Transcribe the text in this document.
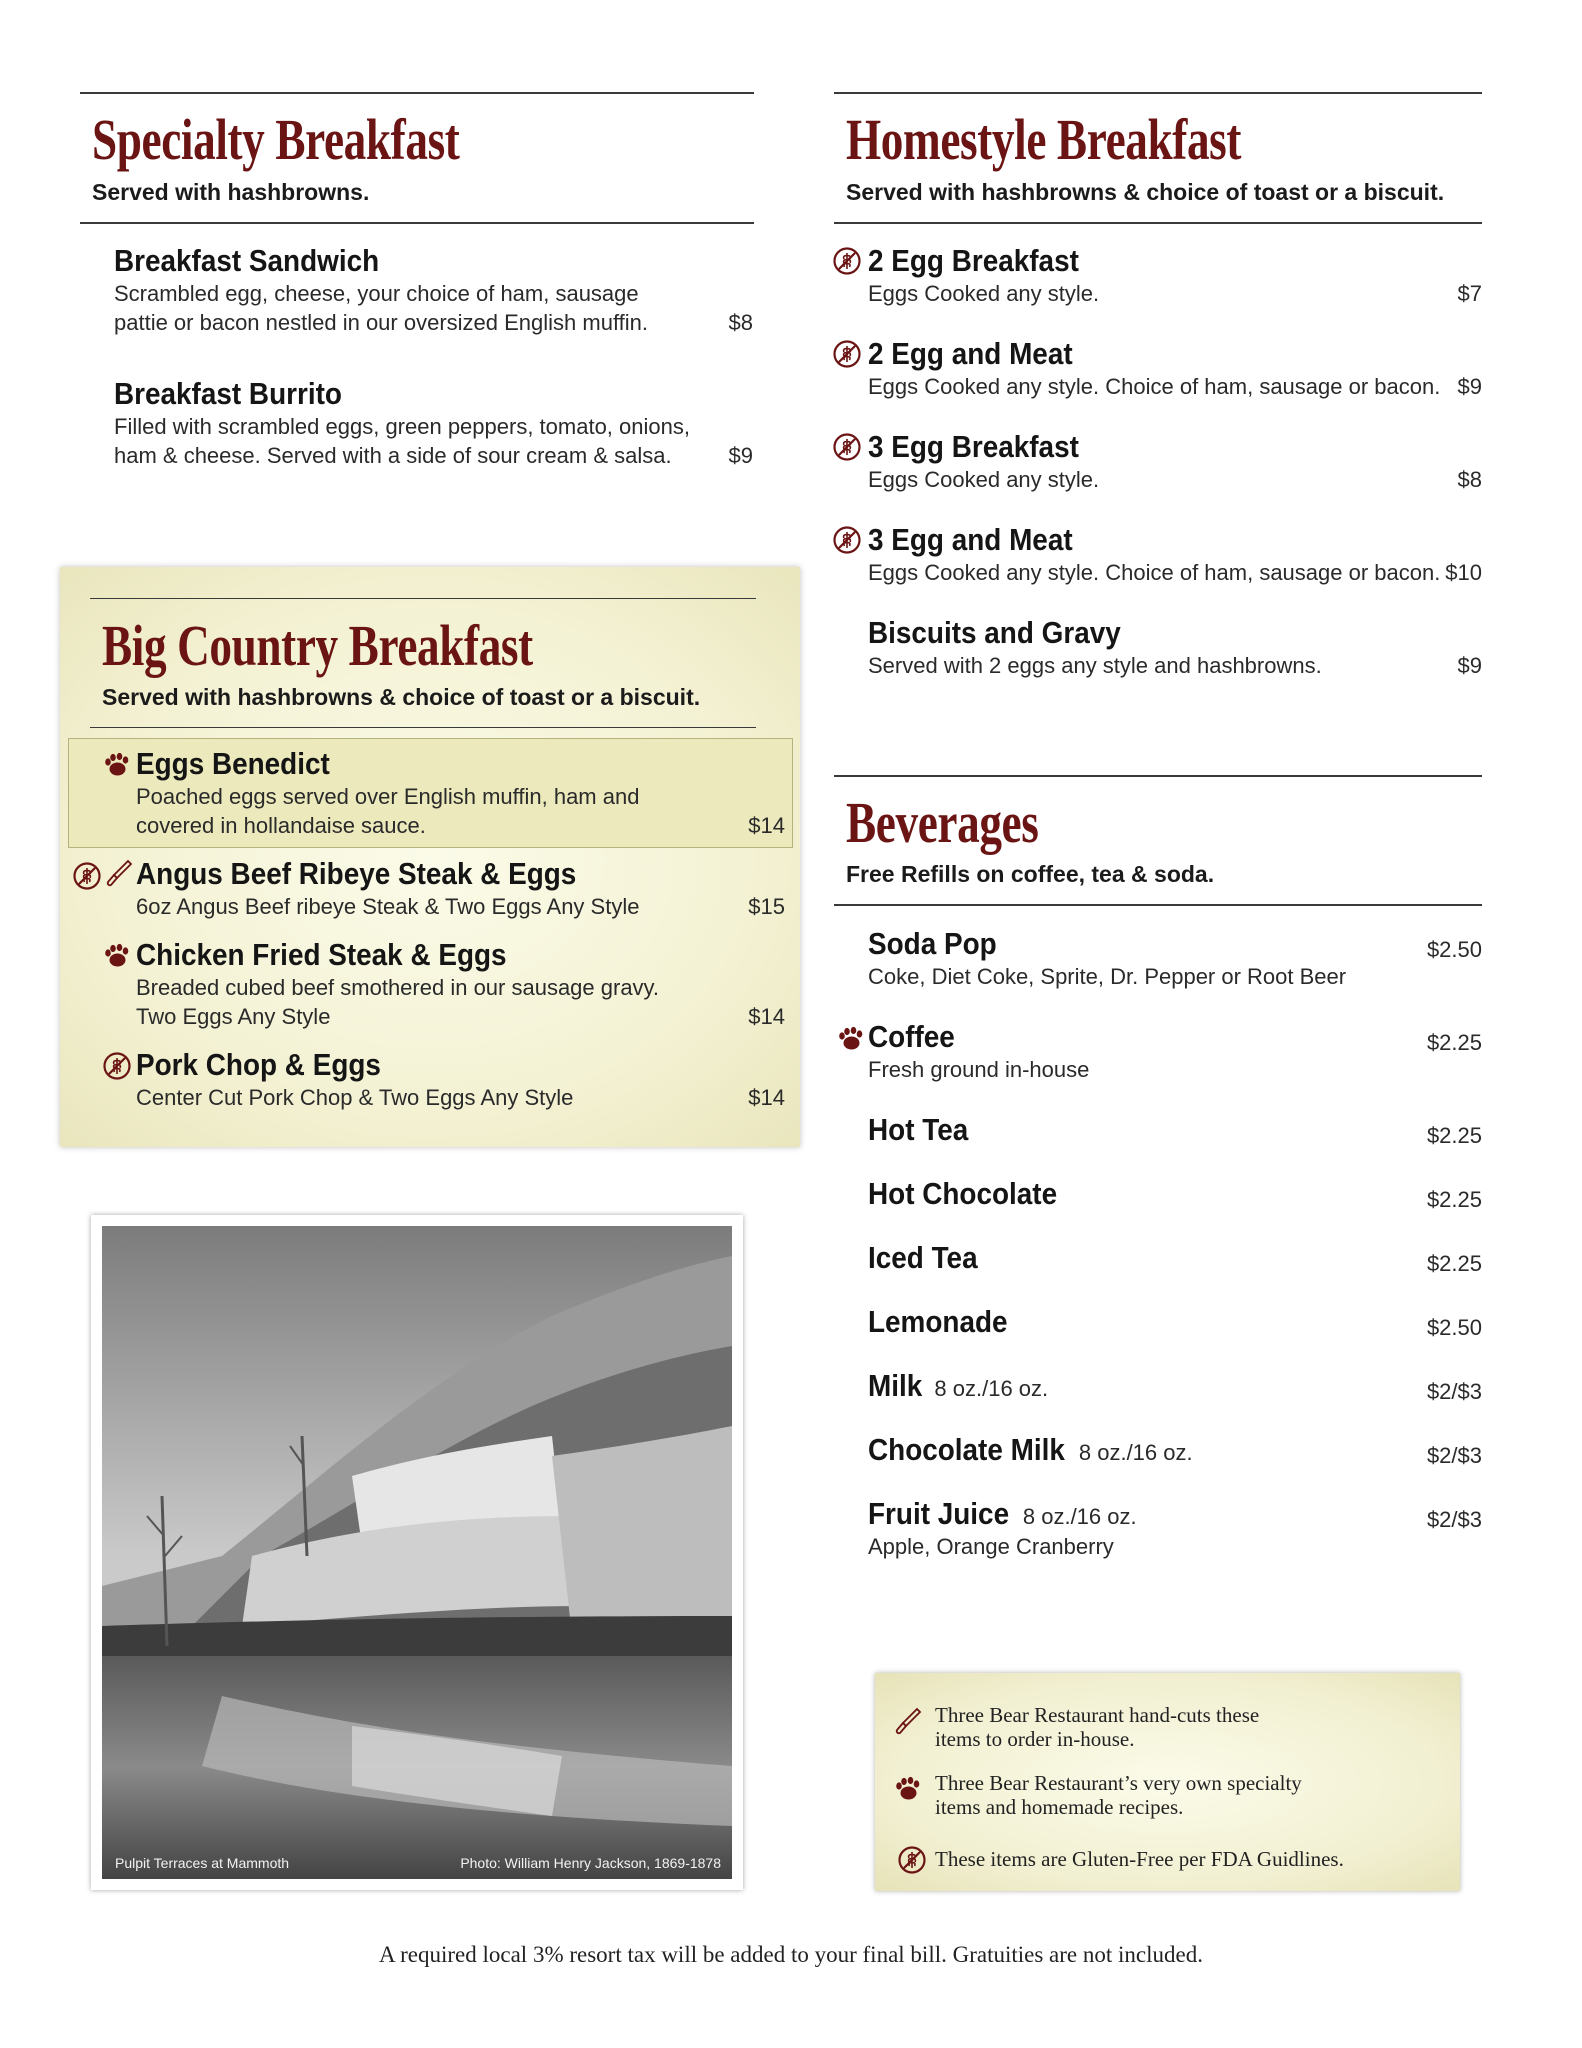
Specialty Breakfast
Served with hashbrowns.
Breakfast Sandwich
Scrambled egg, cheese, your choice of ham, sausage
pattie or bacon nestled in our oversized English muffin.	$8
Breakfast Burrito
Filled with scrambled eggs, green peppers, tomato, onions,
ham & cheese. Served with a side of sour cream & salsa.	$9
Homestyle Breakfast
Served with hashbrowns & choice of toast or a biscuit.
2 Egg Breakfast
Eggs Cooked any style.	$7
2 Egg and Meat
Eggs Cooked any style. Choice of ham, sausage or bacon. $9
3 Egg Breakfast
Eggs Cooked any style.	$8
3 Egg and Meat
Eggs Cooked any style. Choice of ham, sausage or bacon. $10
Biscuits and Gravy
Served with 2 eggs any style and hashbrowns.	$9
Big Country Breakfast
Served with hashbrowns & choice of toast or a biscuit.
Eggs Benedict
Poached eggs served over English muffin, ham and
covered in hollandaise sauce.	$14
Angus Beef Ribeye Steak & Eggs
6oz Angus Beef ribeye Steak & Two Eggs Any Style	$15
Chicken Fried Steak & Eggs
Breaded cubed beef smothered in our sausage gravy.
Two Eggs Any Style	$14
Pork Chop & Eggs
Center Cut Pork Chop & Two Eggs Any Style	$14
Pulpit Terraces at Mammoth	Photo: William Henry Jackson, 1869-1878
Beverages
Free Refills on coffee, tea & soda.
Soda Pop
Coke, Diet Coke, Sprite, Dr. Pepper or Root Beer
$2.50
Coffee
Fresh ground in-house
$2.25
Hot Tea	$2.25
Hot Chocolate	$2.25
Iced Tea	$2.25
Lemonade	$2.50
Milk 8 oz./16 oz.	$2/$3
Chocolate Milk 8 oz./16 oz.	$2/$3
Fruit Juice 8 oz./16 oz.
Apple, Orange Cranberry
$2/$3
Three Bear Restaurant hand-cuts these
items to order in-house.
Three Bear Restaurant’s very own specialty
items and homemade recipes.
These items are Gluten-Free per FDA Guidlines.
A required local 3% resort tax will be added to your final bill. Gratuities are not included.
